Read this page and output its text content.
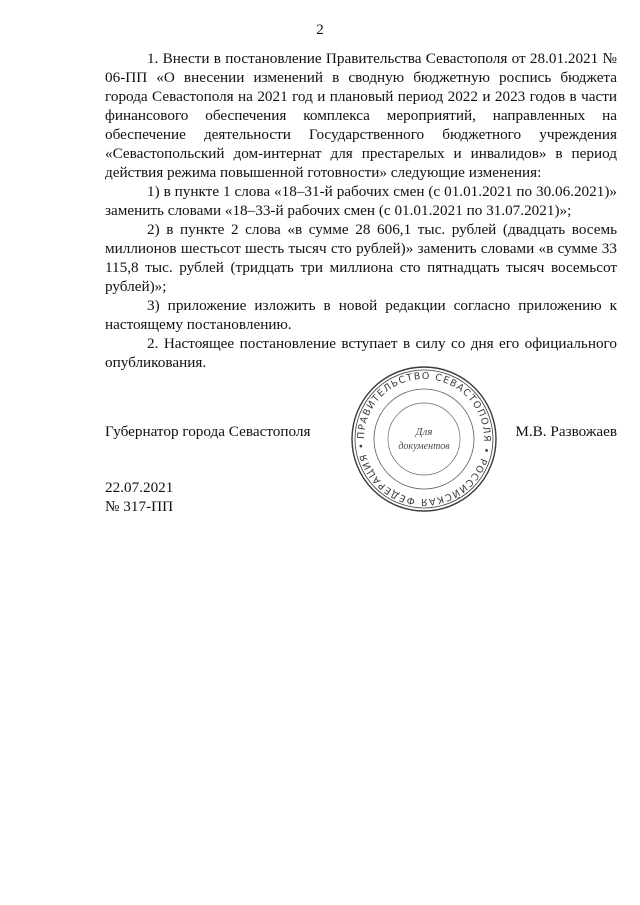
2

1. Внести в постановление Правительства Севастополя от 28.01.2021 № 06-ПП «О внесении изменений в сводную бюджетную роспись бюджета города Севастополя на 2021 год и плановый период 2022 и 2023 годов в части финансового обеспечения комплекса мероприятий, направленных на обеспечение деятельности Государственного бюджетного учреждения «Севастопольский дом-интернат для престарелых и инвалидов» в период действия режима повышенной готовности» следующие изменения:

1) в пункте 1 слова «18–31-й рабочих смен (с 01.01.2021 по 30.06.2021)» заменить словами «18–33-й рабочих смен (с 01.01.2021 по 31.07.2021)»;

2) в пункте 2 слова «в сумме 28 606,1 тыс. рублей (двадцать восемь миллионов шестьсот шесть тысяч сто рублей)» заменить словами «в сумме 33 115,8 тыс. рублей (тридцать три миллиона сто пятнадцать тысяч восемьсот рублей)»;

3) приложение изложить в новой редакции согласно приложению к настоящему постановлению.

2. Настоящее постановление вступает в силу со дня его официального опубликования.

Губернатор города Севастополя	М.В. Развожаев
ПРАВИТЕЛЬСТВО СЕВАСТОПОЛЯ • РОССИЙСКАЯ ФЕДЕРАЦИЯ •
Для
документов
22.07.2021
№ 317-ПП
